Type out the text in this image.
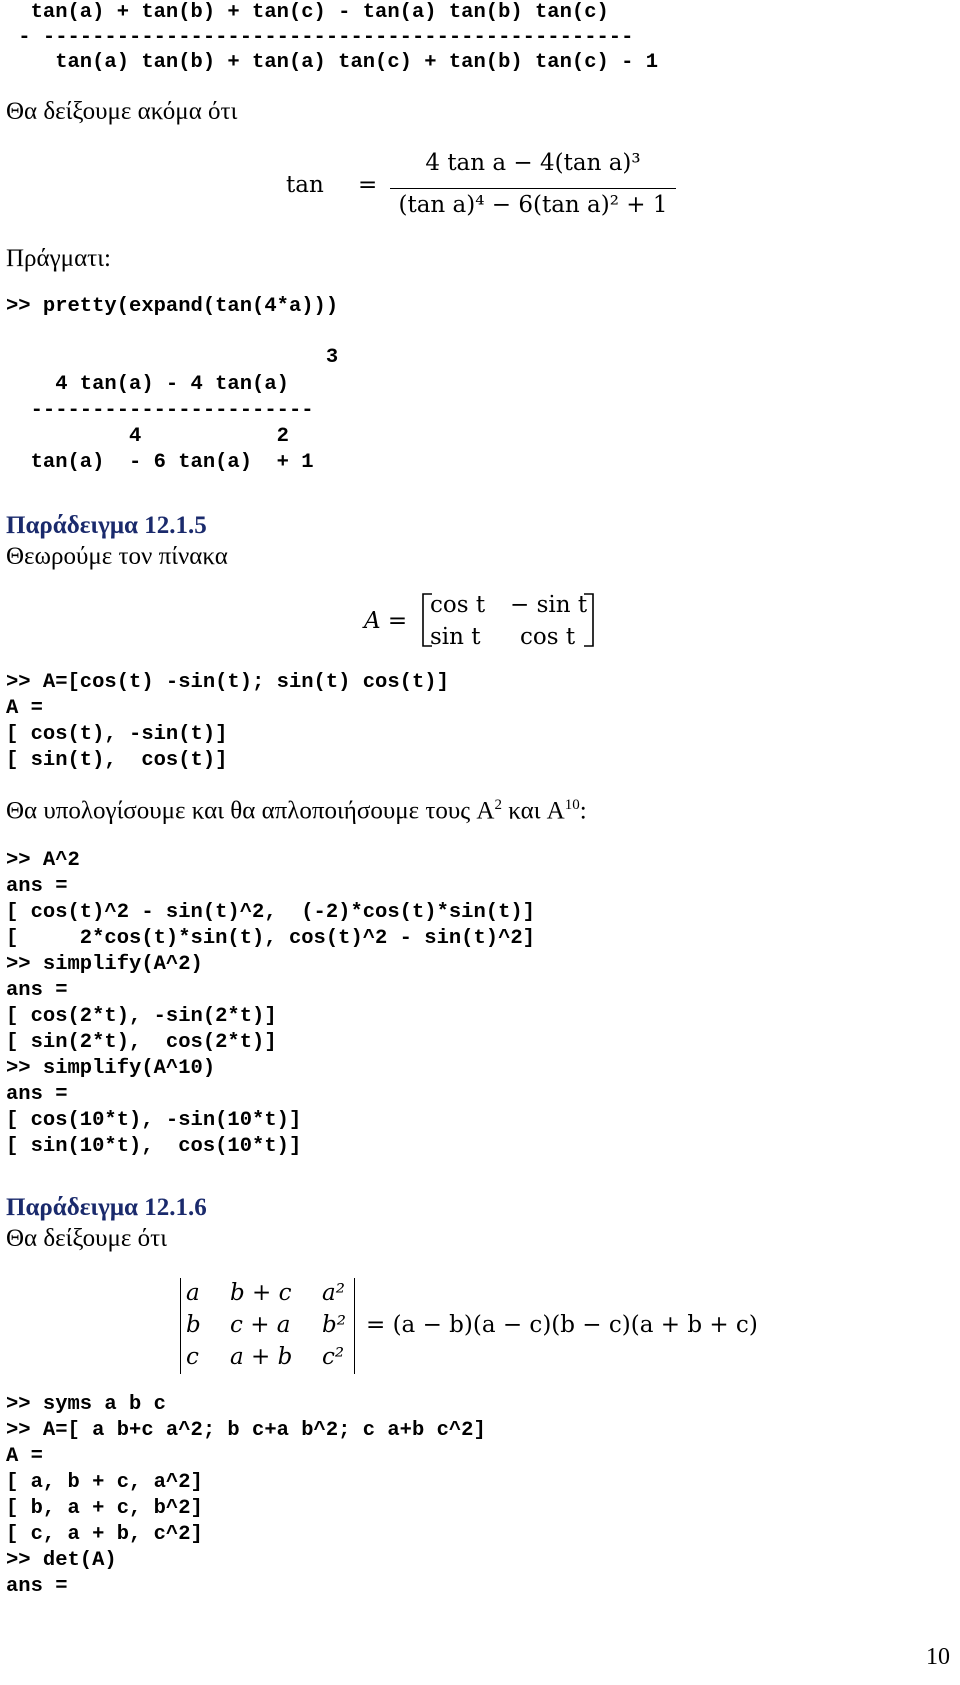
tan(a) + tan(b) + tan(c) - tan(a) tan(b) tan(c)
- ------------------------------------------------
tan(a) tan(b) + tan(a) tan(c) + tan(b) tan(c) - 1
Θα δείξουμε ακόμα ότι
tan =
4 tan a − 4(tan a)³
(tan a)⁴ − 6(tan a)² + 1
Πράγματι:
>> pretty(expand(tan(4*a)))
3
4 tan(a) - 4 tan(a)
-----------------------
4           2
tan(a)  - 6 tan(a)  + 1
Παράδειγμα 12.1.5
Θεωρούμε τον πίνακα
A =
cos t − sin t
sin t cos t
>> A=[cos(t) -sin(t); sin(t) cos(t)]
A =
[ cos(t), -sin(t)]
[ sin(t),  cos(t)]
Θα υπολογίσουμε και θα απλοποιήσουμε τους $A^2$ και $A^{10}$:
>> A^2
ans =
[ cos(t)^2 - sin(t)^2,  (-2)*cos(t)*sin(t)]
[     2*cos(t)*sin(t), cos(t)^2 - sin(t)^2]
>> simplify(A^2)
ans =
[ cos(2*t), -sin(2*t)]
[ sin(2*t),  cos(2*t)]
>> simplify(A^10)
ans =
[ cos(10*t), -sin(10*t)]
[ sin(10*t),  cos(10*t)]
Παράδειγμα 12.1.6
Θα δείξουμε ότι
a b + c a²
b c + a b²
c a + b c²
= (a − b)(a − c)(b − c)(a + b + c)
>> syms a b c
>> A=[ a b+c a^2; b c+a b^2; c a+b c^2]
A =
[ a, b + c, a^2]
[ b, a + c, b^2]
[ c, a + b, c^2]
>> det(A)
ans =
10
